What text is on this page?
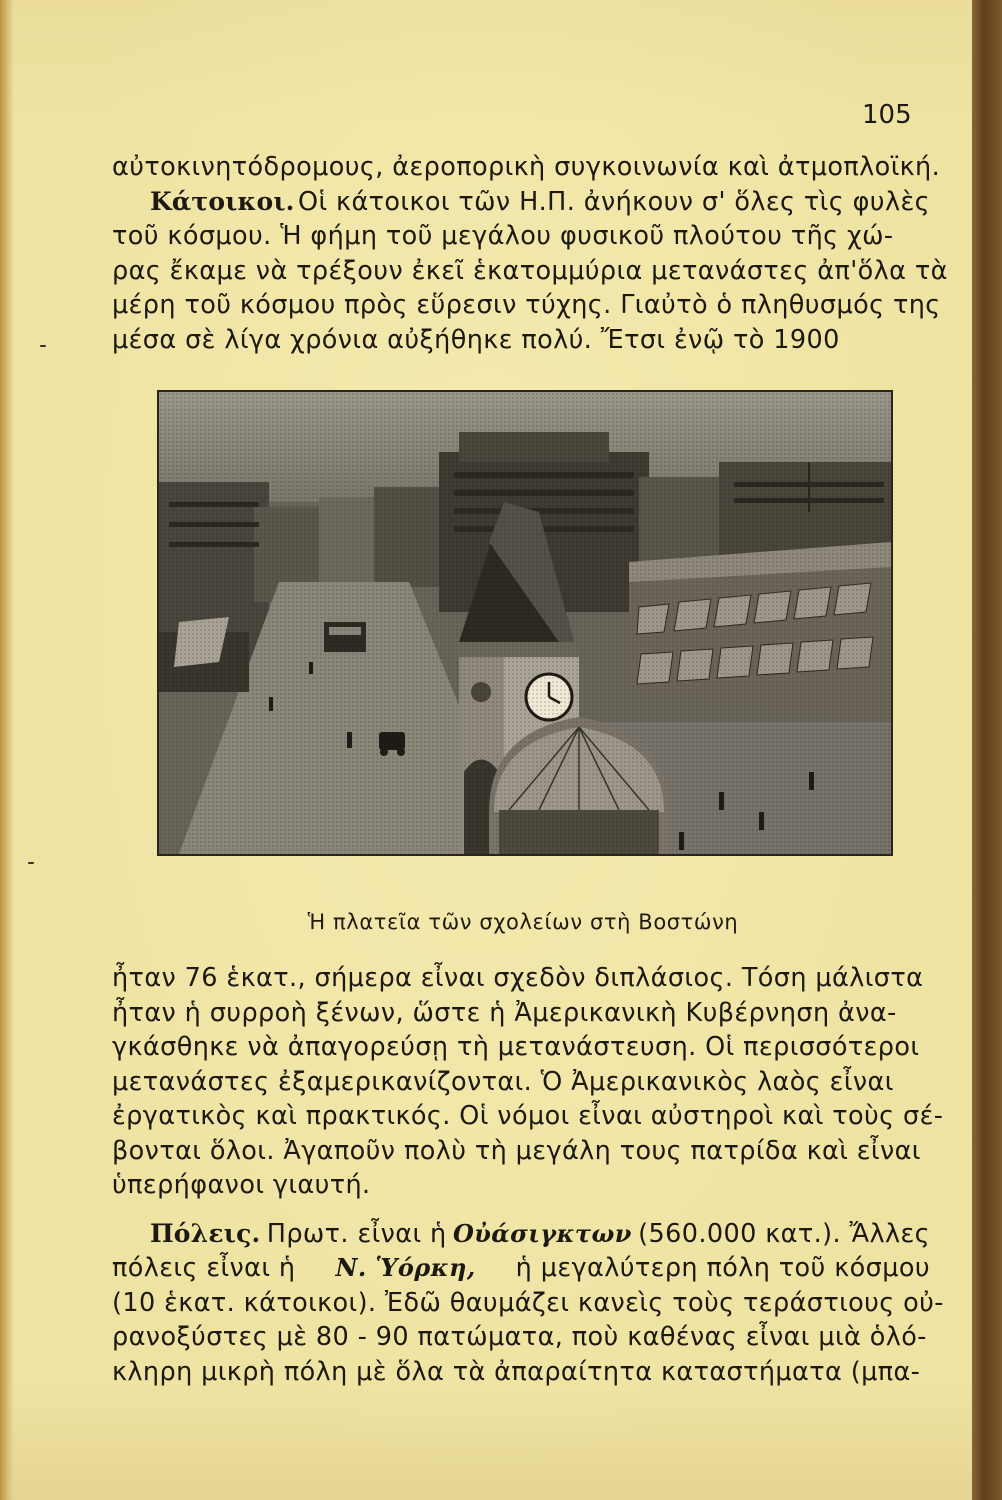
105
αὐτοκινητόδρομους, ἀεροπορικὴ συγκοινωνία καὶ ἀτμοπλοϊκή.
Κάτοικοι. Οἱ κάτοικοι τῶν Η.Π. ἀνήκουν σ' ὅλες τὶς φυλὲς
τοῦ κόσμου. Ἡ φήμη τοῦ μεγάλου φυσικοῦ πλούτου τῆς χώ-
ρας ἔκαμε νὰ τρέξουν ἐκεῖ ἑκατομμύρια μετανάστες ἀπ'ὅλα τὰ
μέρη τοῦ κόσμου πρὸς εὕρεσιν τύχης. Γιαὐτὸ ὁ πληθυσμός της
μέσα σὲ λίγα χρόνια αὐξήθηκε πολύ. Ἔτσι ἐνῷ τὸ 1900
Ἡ πλατεῖα τῶν σχολείων στὴ Βοστώνη
ἦταν 76 ἑκατ., σήμερα εἶναι σχεδὸν διπλάσιος. Τόση μάλιστα
ἦταν ἡ συρροὴ ξένων, ὥστε ἡ Ἀμερικανικὴ Κυβέρνηση ἀνα-
γκάσθηκε νὰ ἀπαγορεύσῃ τὴ μετανάστευση. Οἱ περισσότεροι
μετανάστες ἐξαμερικανίζονται. Ὁ Ἀμερικανικὸς λαὸς εἶναι
ἐργατικὸς καὶ πρακτικός. Οἱ νόμοι εἶναι αὐστηροὶ καὶ τοὺς σέ-
βονται ὅλοι. Ἀγαποῦν πολὺ τὴ μεγάλη τους πατρίδα καὶ εἶναι
ὑπερήφανοι γιαυτή.
Πόλεις. Πρωτ. εἶναι ἡ Οὐάσιγκτων (560.000 κατ.). Ἄλλες
πόλεις εἶναι ἡ Ν. Ὑόρκη, ἡ μεγαλύτερη πόλη τοῦ κόσμου
(10 ἑκατ. κάτοικοι). Ἐδῶ θαυμάζει κανεὶς τοὺς τεράστιους οὐ-
ρανοξύστες μὲ 80 - 90 πατώματα, ποὺ καθένας εἶναι μιὰ ὁλό-
κληρη μικρὴ πόλη μὲ ὅλα τὰ ἀπαραίτητα καταστήματα (μπα-
